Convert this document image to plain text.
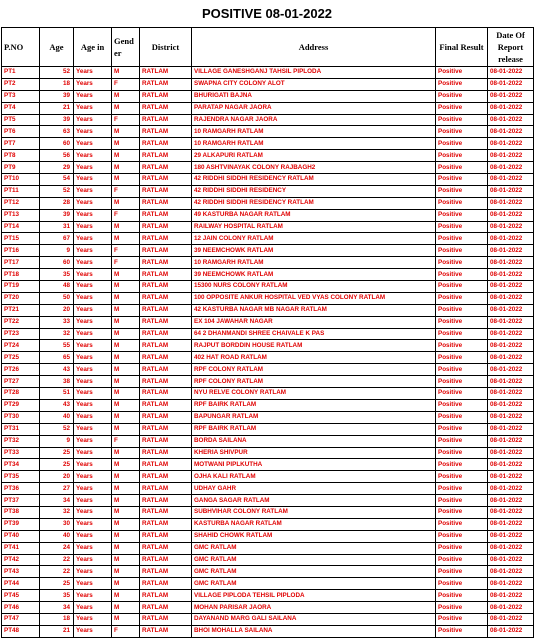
POSITIVE 08-01-2022
P.NO	Age	Age in	Gender	District	Address	Final Result	Date Of Report release
PT1	52	Years	M	RATLAM	VILLAGE GANESHGANJ TAHSIL PIPLODA	Positive	08-01-2022
PT2	18	Years	F	RATLAM	SWAPNA CITY COLONY ALOT	Positive	08-01-2022
PT3	39	Years	M	RATLAM	BHURIGATI BAJNA	Positive	08-01-2022
PT4	21	Years	M	RATLAM	PARATAP NAGAR JAORA	Positive	08-01-2022
PT5	39	Years	F	RATLAM	RAJENDRA NAGAR JAORA	Positive	08-01-2022
PT6	63	Years	M	RATLAM	10 RAMGARH RATLAM	Positive	08-01-2022
PT7	60	Years	M	RATLAM	10 RAMGARH RATLAM	Positive	08-01-2022
PT8	56	Years	M	RATLAM	29 ALKAPURI RATLAM	Positive	08-01-2022
PT9	29	Years	M	RATLAM	180 ASHTVINAYAK COLONY RAJBAGH2	Positive	08-01-2022
PT10	54	Years	M	RATLAM	42 RIDDHI SIDDHI RESIDENCY RATLAM	Positive	08-01-2022
PT11	52	Years	F	RATLAM	42 RIDDHI SIDDHI RESIDENCY	Positive	08-01-2022
PT12	28	Years	M	RATLAM	42 RIDDHI SIDDHI RESIDENCY RATLAM	Positive	08-01-2022
PT13	39	Years	F	RATLAM	49 KASTURBA NAGAR RATLAM	Positive	08-01-2022
PT14	31	Years	M	RATLAM	RAILWAY HOSPITAL RATLAM	Positive	08-01-2022
PT15	67	Years	M	RATLAM	12 JAIN COLONY RATLAM	Positive	08-01-2022
PT16	9	Years	F	RATLAM	39 NEEMCHOWK RATLAM	Positive	08-01-2022
PT17	60	Years	F	RATLAM	10 RAMGARH RATLAM	Positive	08-01-2022
PT18	35	Years	M	RATLAM	39 NEEMCHOWK RATLAM	Positive	08-01-2022
PT19	48	Years	M	RATLAM	15300 NURS COLONY RATLAM	Positive	08-01-2022
PT20	50	Years	M	RATLAM	100 OPPOSITE ANKUR HOSPITAL VED VYAS COLONY RATLAM	Positive	08-01-2022
PT21	20	Years	M	RATLAM	42 KASTURBA NAGAR MB NAGAR RATLAM	Positive	08-01-2022
PT22	33	Years	M	RATLAM	EX 104 JAWAHAR NAGAR	Positive	08-01-2022
PT23	32	Years	M	RATLAM	64 2 DHANMANDI SHREE CHAIVALE K PAS	Positive	08-01-2022
PT24	55	Years	M	RATLAM	RAJPUT BORDDIN HOUSE RATLAM	Positive	08-01-2022
PT25	65	Years	M	RATLAM	402 HAT ROAD RATLAM	Positive	08-01-2022
PT26	43	Years	M	RATLAM	RPF COLONY RATLAM	Positive	08-01-2022
PT27	38	Years	M	RATLAM	RPF COLONY RATLAM	Positive	08-01-2022
PT28	51	Years	M	RATLAM	NYU RELVE COLONY RATLAM	Positive	08-01-2022
PT29	43	Years	M	RATLAM	RPF BAIRK RATLAM	Positive	08-01-2022
PT30	40	Years	M	RATLAM	BAPUNGAR RATLAM	Positive	08-01-2022
PT31	52	Years	M	RATLAM	RPF BAIRK RATLAM	Positive	08-01-2022
PT32	9	Years	F	RATLAM	BORDA SAILANA	Positive	08-01-2022
PT33	25	Years	M	RATLAM	KHERIA SHIVPUR	Positive	08-01-2022
PT34	25	Years	M	RATLAM	MOTWANI PIPLKUTHA	Positive	08-01-2022
PT35	20	Years	M	RATLAM	OJHA KALI RATLAM	Positive	08-01-2022
PT36	27	Years	M	RATLAM	UDHAY GAHR	Positive	08-01-2022
PT37	34	Years	M	RATLAM	GANGA SAGAR RATLAM	Positive	08-01-2022
PT38	32	Years	M	RATLAM	SUBHVIHAR COLONY RATLAM	Positive	08-01-2022
PT39	30	Years	M	RATLAM	KASTURBA NAGAR RATLAM	Positive	08-01-2022
PT40	40	Years	M	RATLAM	SHAHID CHOWK RATLAM	Positive	08-01-2022
PT41	24	Years	M	RATLAM	GMC RATLAM	Positive	08-01-2022
PT42	22	Years	M	RATLAM	GMC RATLAM	Positive	08-01-2022
PT43	22	Years	M	RATLAM	GMC RATLAM	Positive	08-01-2022
PT44	25	Years	M	RATLAM	GMC RATLAM	Positive	08-01-2022
PT45	35	Years	M	RATLAM	VILLAGE PIPLODA TEHSIL PIPLODA	Positive	08-01-2022
PT46	34	Years	M	RATLAM	MOHAN PARISAR JAORA	Positive	08-01-2022
PT47	18	Years	M	RATLAM	DAYANAND MARG GALI SAILANA	Positive	08-01-2022
PT48	21	Years	F	RATLAM	BHOI MOHALLA SAILANA	Positive	08-01-2022
